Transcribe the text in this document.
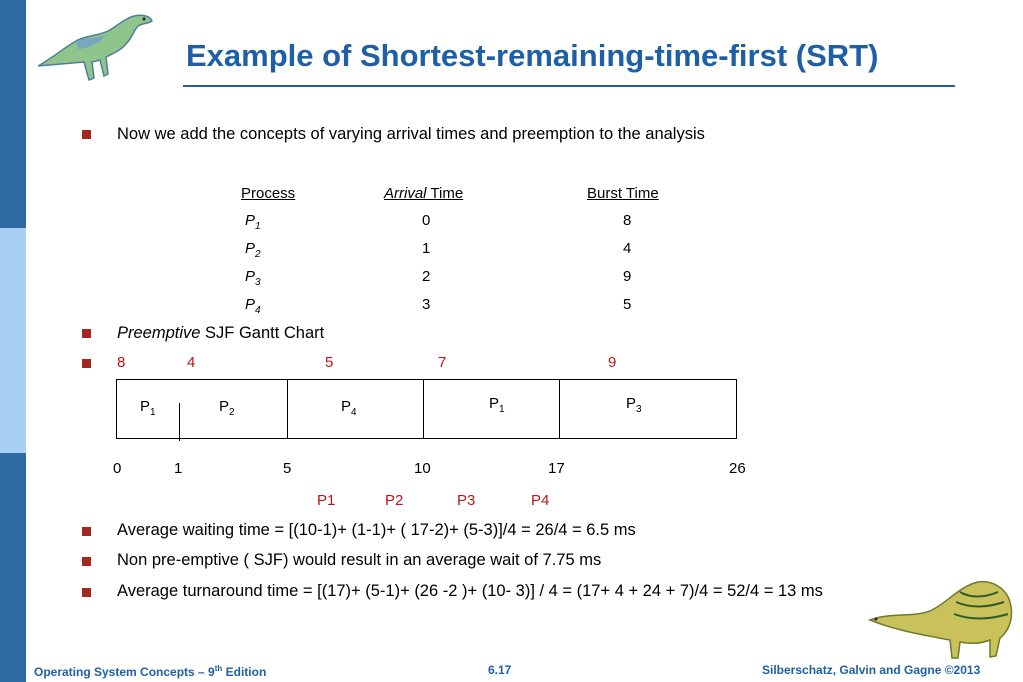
Example of Shortest-remaining-time-first (SRT)
Now we add the concepts of varying arrival times and preemption to the analysis
Process	Arrival Time	Burst Time
$P_1$	0	8
$P_2$	1	4
$P_3$	2	9
$P_4$	3	5
Preemptive SJF Gantt Chart
8	4	5	7	9
$P_1$	$P_2$	$P_4$
$P_1$	$P_3$
0	1	5	10	17	26
P1	P2	P3	P4
Average waiting time = [(10-1)+ (1-1)+ ( 17-2)+ (5-3)]/4 = 26/4 = 6.5 ms
Non pre-emptive ( SJF) would result in an average wait of 7.75 ms
Average turnaround time = [(17)+ (5-1)+ (26 -2 )+ (10- 3)] / 4 = (17+ 4 + 24 + 7)/4 = 52/4 = 13 ms
Operating System Concepts – 9th Edition	6.17	Silberschatz, Galvin and Gagne ©2013
